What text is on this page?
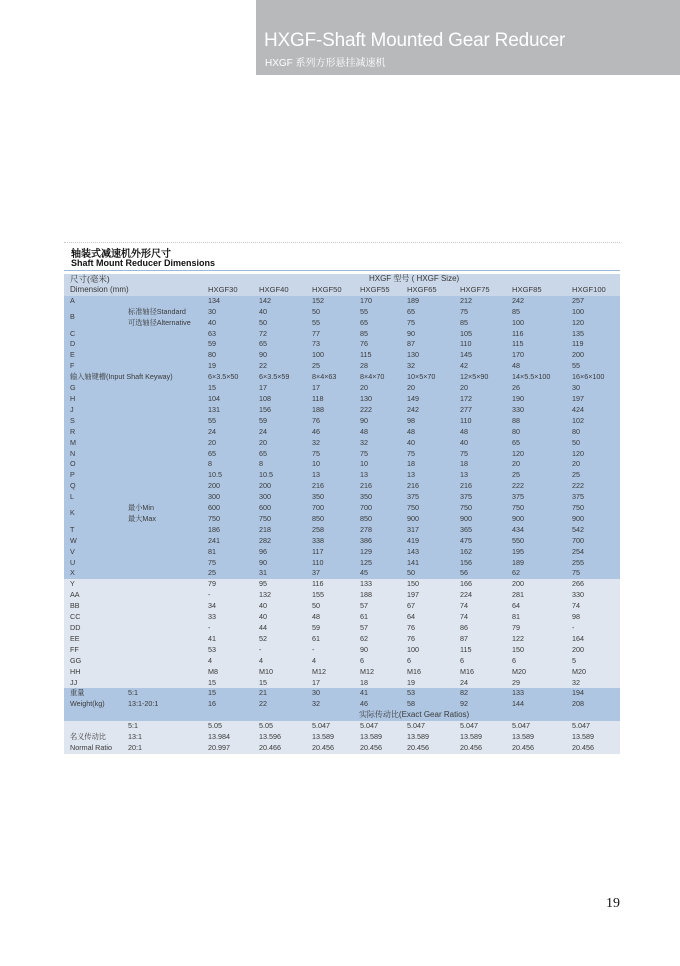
HXGF-Shaft Mounted Gear Reducer
HXGF 系列方形悬挂减速机
轴装式减速机外形尺寸
Shaft Mount Reducer Dimensions
尺寸(毫米)		HXGF 型号 ( HXGF Size)							
Dimension (mm)		HXGF30	HXGF40	HXGF50	HXGF55	HXGF65	HXGF75	HXGF85	HXGF100
A		134	142	152	170	189	212	242	257
B	标准轴径Standard	30	40	50	55	65	75	85	100
	可选轴径Alternative	40	50	55	65	75	85	100	120
C		63	72	77	85	90	105	116	135
D		59	65	73	76	87	110	115	119
E		80	90	100	115	130	145	170	200
F		19	22	25	28	32	42	48	55
输入轴键槽(Input Shaft Keyway)		6×3.5×50	6×3.5×59	8×4×63	8×4×70	10×5×70	12×5×90	14×5.5×100	16×6×100
G		15	17	17	20	20	20	26	30
H		104	108	118	130	149	172	190	197
J		131	156	188	222	242	277	330	424
S		55	59	76	90	98	110	88	102
R		24	24	46	48	48	48	80	80
M		20	20	32	32	40	40	65	50
N		65	65	75	75	75	75	120	120
O		8	8	10	10	18	18	20	20
P		10.5	10.5	13	13	13	13	25	25
Q		200	200	216	216	216	216	222	222
L		300	300	350	350	375	375	375	375
K	最小Min	600	600	700	700	750	750	750	750
	最大Max	750	750	850	850	900	900	900	900
T		186	218	258	278	317	365	434	542
W		241	282	338	386	419	475	550	700
V		81	96	117	129	143	162	195	254
U		75	90	110	125	141	156	189	255
X		25	31	37	45	50	56	62	75
Y		79	95	116	133	150	166	200	266
AA		-	132	155	188	197	224	281	330
BB		34	40	50	57	67	74	64	74
CC		33	40	48	61	64	74	81	98
DD		-	44	59	57	76	86	79	-
EE		41	52	61	62	76	87	122	164
FF		53	-	-	90	100	115	150	200
GG		4	4	4	6	6	6	6	5
HH		M8	M10	M12	M12	M16	M16	M20	M20
JJ		15	15	17	18	19	24	29	32
重量	5:1	15	21	30	41	53	82	133	194
Weight(kg)	13:1-20:1	16	22	32	46	58	92	144	208
		实际传动比(Exact Gear Ratios)							
	5:1	5.05	5.05	5.047	5.047	5.047	5.047	5.047	5.047
名义传动比	13:1	13.984	13.596	13.589	13.589	13.589	13.589	13.589	13.589
Normal Ratio	20:1	20.997	20.466	20.456	20.456	20.456	20.456	20.456	20.456
19
